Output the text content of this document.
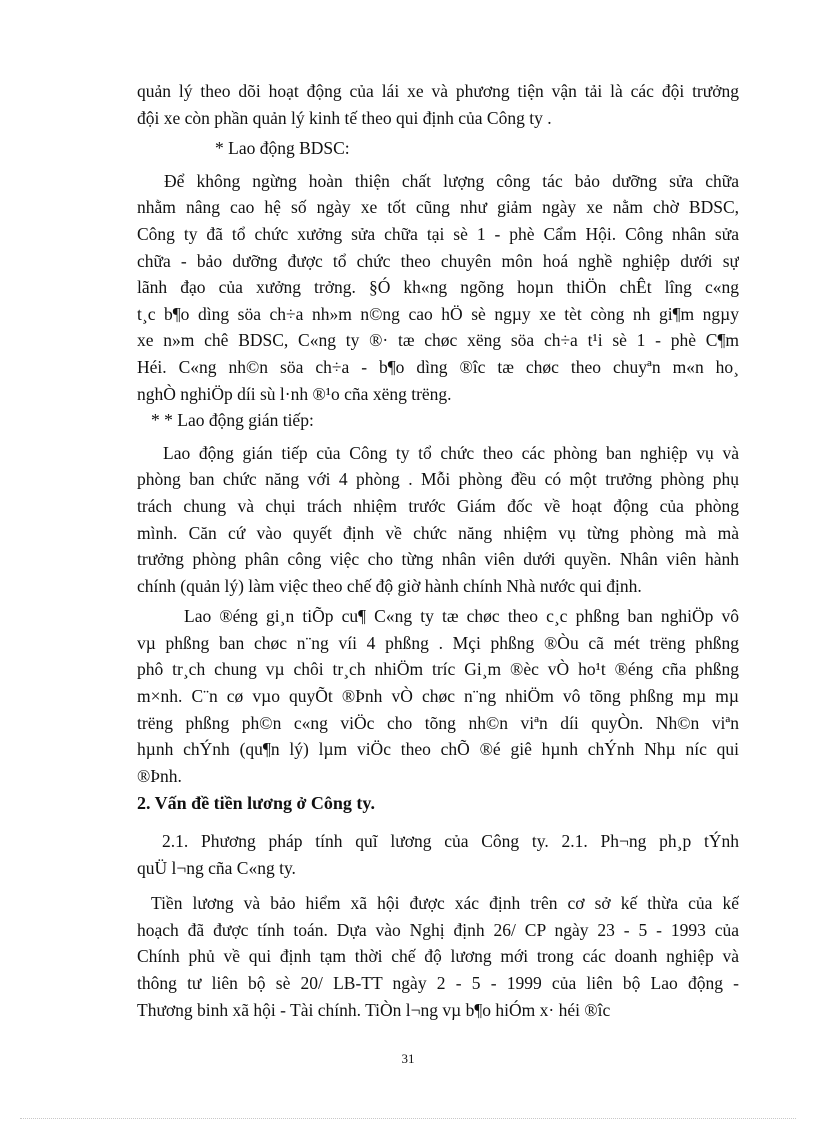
quản lý theo dõi hoạt động của lái xe và phương tiện vận tải là các đội trưởng
đội xe còn phần quản lý kinh tế theo qui định của Công ty .
* Lao động BDSC:
Để không ngừng hoàn thiện chất lượng công tác bảo dưỡng sửa chữa
nhằm nâng cao hệ số ngày xe tốt cũng như giảm ngày xe nằm chờ BDSC,
Công ty đã tổ chức xưởng sửa chữa tại sè 1 - phè Cẩm Hội. Công nhân sửa
chữa - bảo dưỡng được tổ chức theo chuyên môn hoá nghề nghiệp dưới sự
lãnh đạo của xưởng trởng. §Ó kh«ng ngõng hoµn thiÖn chÊt lîng c«ng
t¸c b¶o dìng söa ch÷a nh»m n©ng cao hÖ sè ngµy xe tèt còng nh gi¶m ngµy
xe n»m chê BDSC, C«ng ty ®· tæ chøc xëng söa ch÷a t¹i sè 1 - phè C¶m
Héi. C«ng nh©n söa ch÷a - b¶o dìng ®îc tæ chøc theo chuyªn m«n ho¸
nghÒ nghiÖp díi sù l·nh ®¹o cña xëng trëng.
* * Lao động gián tiếp:
Lao động gián tiếp của Công ty tổ chức theo các phòng ban nghiệp vụ và
phòng ban chức năng với 4 phòng . Mỗi phòng đều có một trưởng phòng phụ
trách chung và chụi trách nhiệm trước Giám đốc về hoạt động của phòng
mình. Căn cứ vào quyết định về chức năng nhiệm vụ từng phòng mà mà
trưởng phòng phân công việc cho từng nhân viên dưới quyền. Nhân viên hành
chính (quản lý) làm việc theo chế độ giờ hành chính Nhà nước qui định.
Lao ®éng gi¸n tiÕp cu¶ C«ng ty tæ chøc theo c¸c phßng ban nghiÖp vô
vµ phßng ban chøc n¨ng víi 4 phßng . Mçi phßng ®Òu cã mét trëng phßng
phô tr¸ch chung vµ chôi tr¸ch nhiÖm tríc Gi¸m ®èc vÒ ho¹t ®éng cña phßng
m×nh. C¨n cø vµo quyÕt ®Þnh vÒ chøc n¨ng nhiÖm vô tõng phßng mµ mµ
trëng phßng ph©n c«ng viÖc cho tõng nh©n viªn díi quyÒn. Nh©n viªn
hµnh chÝnh (qu¶n lý) lµm viÖc theo chÕ ®é giê hµnh chÝnh Nhµ níc qui
®Þnh.
2. Vấn đề tiền lương ở Công ty.
2.1. Phương pháp tính quĩ lương của Công ty. 2.1. Ph¬ng ph¸p tÝnh
quÜ l¬ng cña C«ng ty.
Tiền lương và bảo hiểm xã hội được xác định trên cơ sở kế thừa của kế
hoạch đã được tính toán. Dựa vào Nghị định 26/ CP ngày 23 - 5 - 1993 của
Chính phủ về qui định tạm thời chế độ lương mới trong các doanh nghiệp và
thông tư liên bộ sè 20/ LB-TT ngày 2 - 5 - 1999 của liên bộ Lao động -
Thương binh xã hội - Tài chính. TiÒn l¬ng vµ b¶o hiÓm x· héi ®îc
31
